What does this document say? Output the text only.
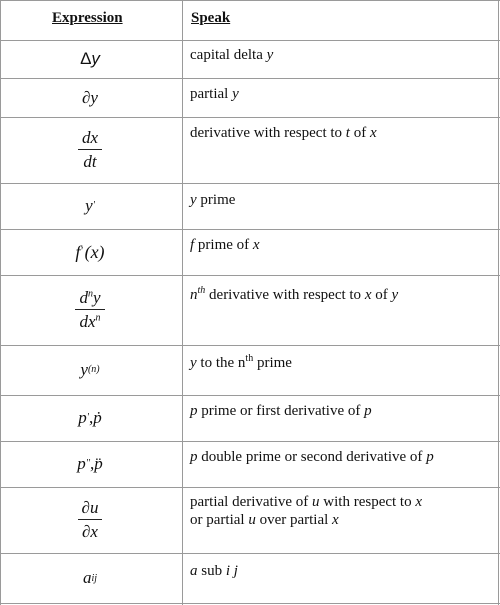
Expression	Speak
Δ y	capital delta y
∂ y	partial y
$\frac{dx}{dt}$	derivative with respect to t of x
y '	y prime
f ' (x)	f prime of x
$\frac{d^ny}{dx^n}$	$n^{th}$ derivative with respect to x of y
y (n)	y to the $n^{th}$ prime
p ' , ṗ	p prime or first derivative of p
p '' , p̈	p double prime or second derivative of p
$\frac{\partial u}{\partial x}$	partial derivative of u with respect to x
or partial u over partial x
a ij	a sub i j
